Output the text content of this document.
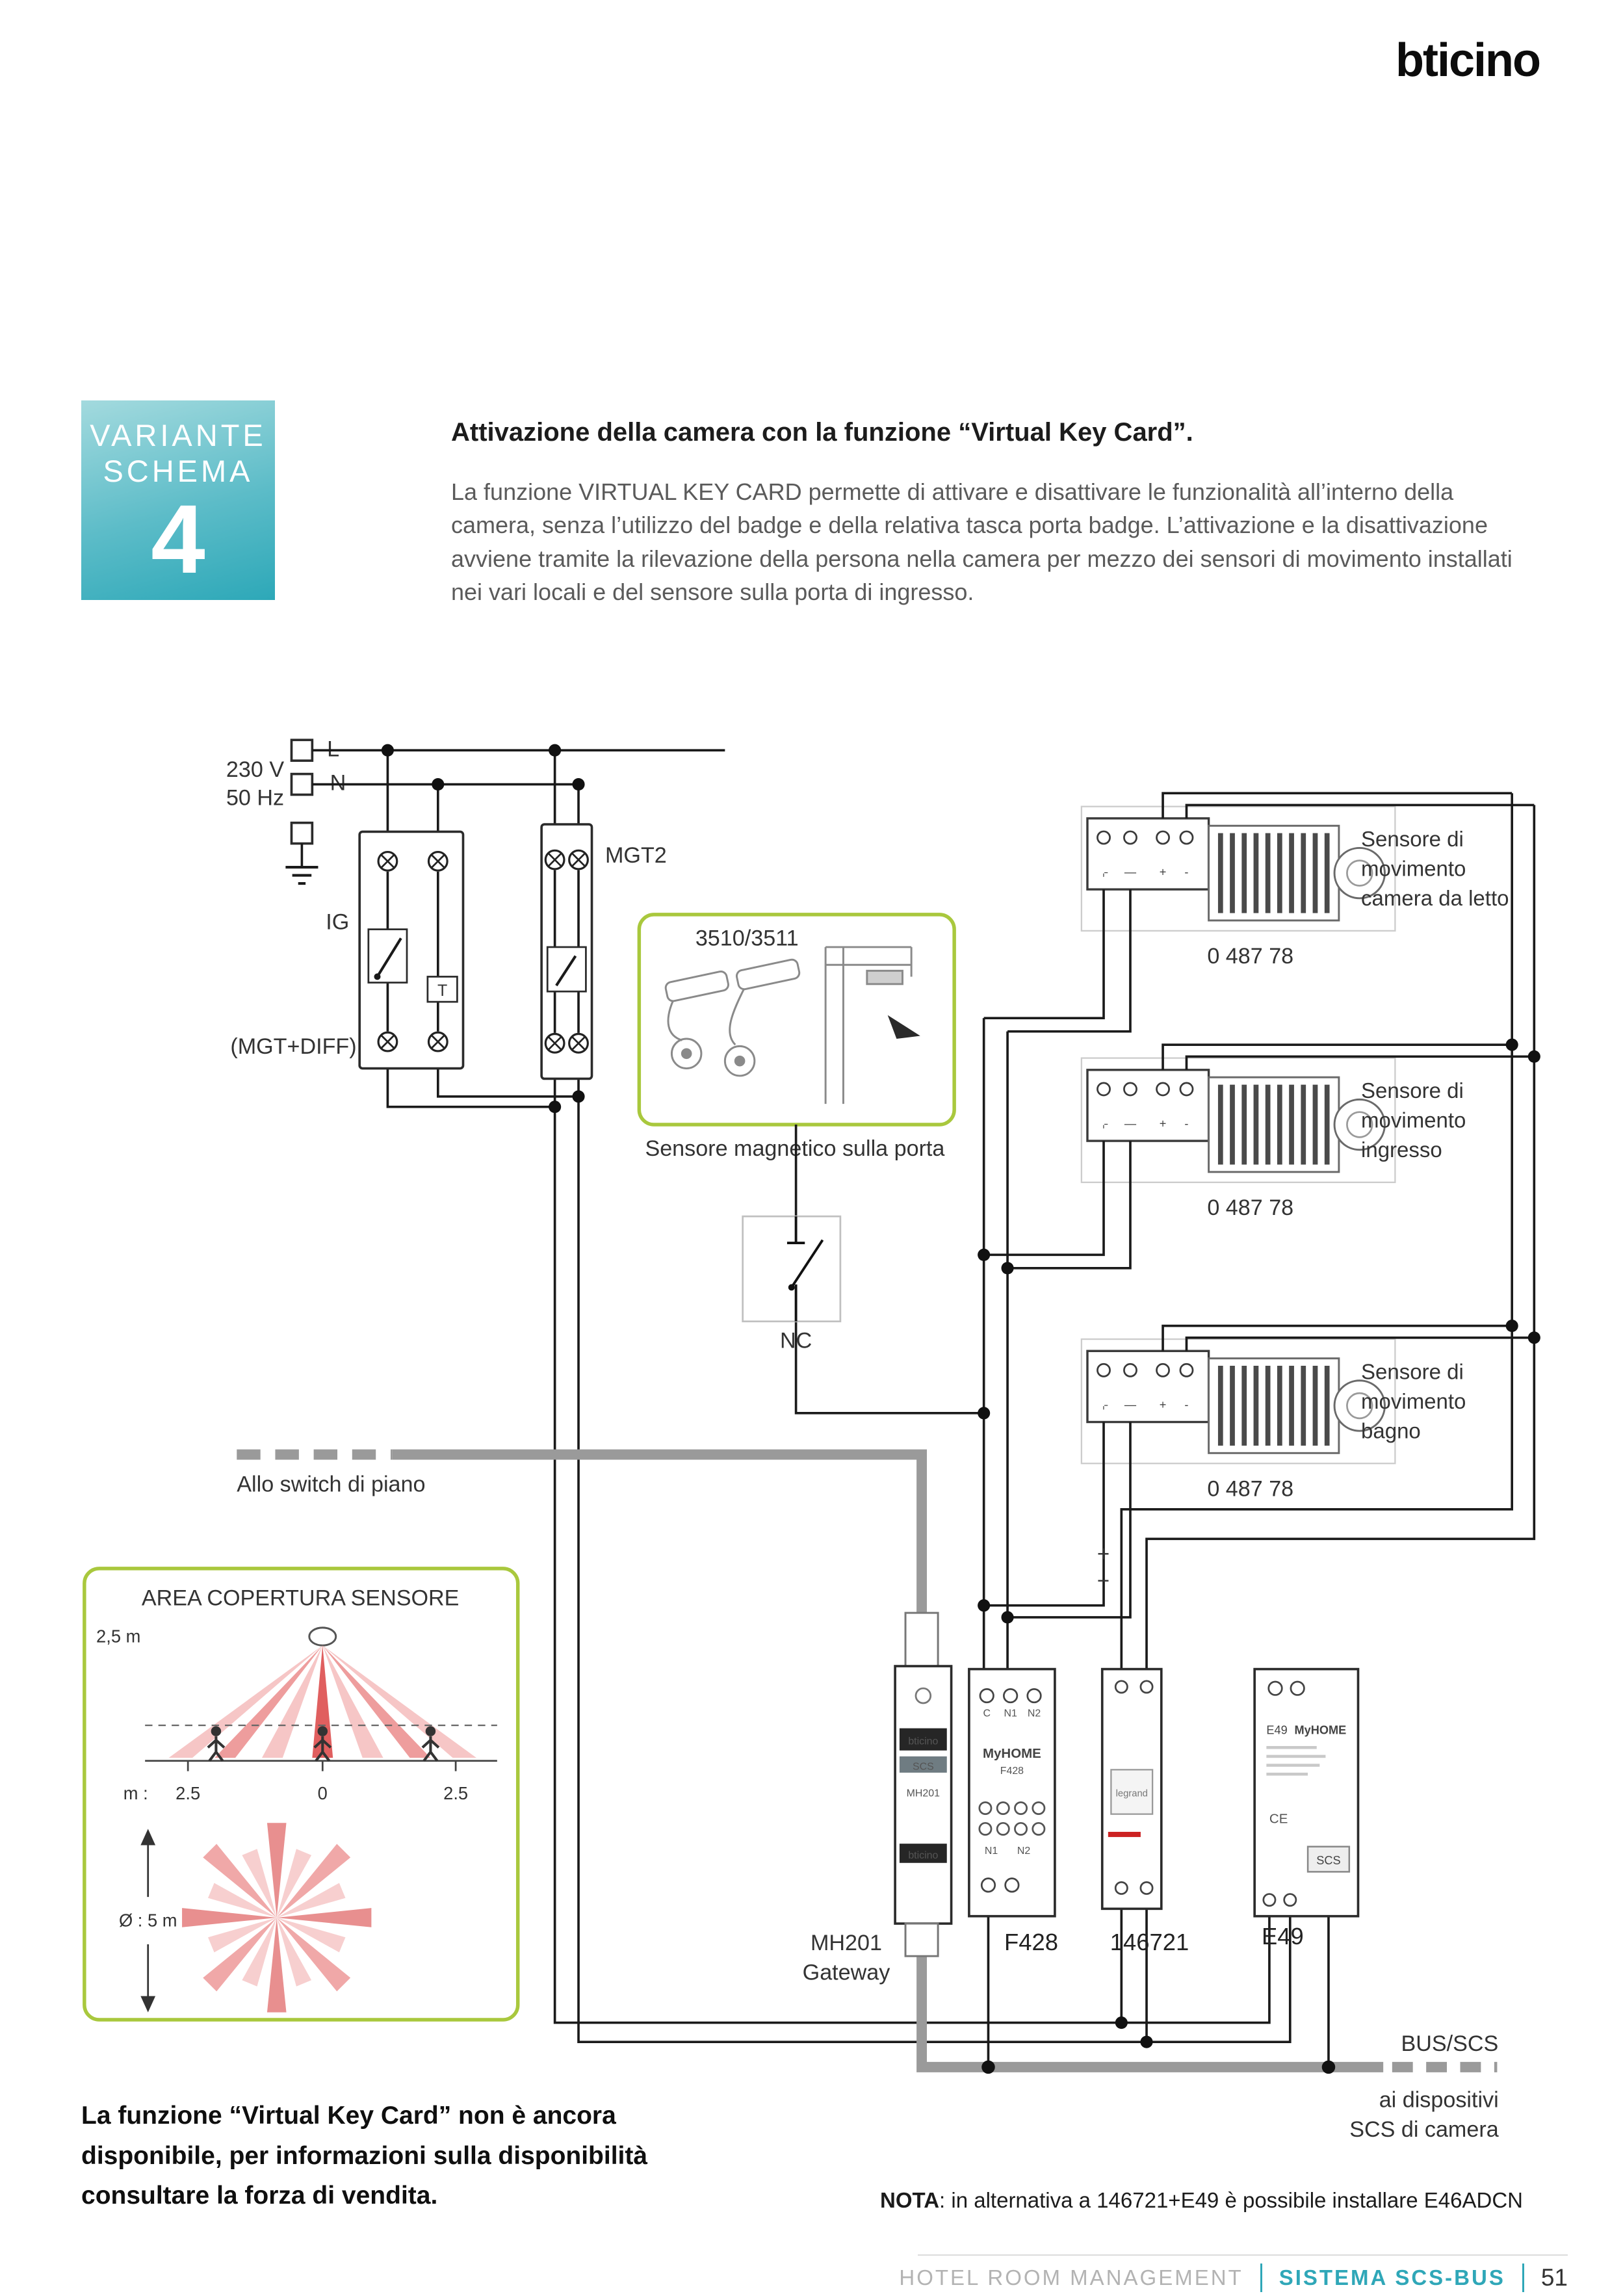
bticino
VARIANTE
SCHEMA
4
Attivazione della camera con la funzione “Virtual Key Card”.
La funzione VIRTUAL KEY CARD permette di attivare e disattivare le funzionalità all’interno della camera, senza l’utilizzo del badge e della relativa tasca porta badge. L’attivazione e la disattivazione avviene tramite la rilevazione della persona nella camera per mezzo dei sensori di movimento installati nei vari locali e del sensore sulla porta di ingresso.
⌌	—	+	-
230 V
50 Hz
L
N
T
IG
(MGT+DIFF)
MGT2
3510/3511
Sensore magnetico sulla porta
NC
0 487 78
Sensore di
movimento
camera da letto
0 487 78
Sensore di
movimento
ingresso
0 487 78
Sensore di
movimento
bagno
+
−
Allo switch di piano
BUS/SCS
ai dispositivi
SCS di camera
AREA COPERTURA SENSORE
2,5 m
m :	2.5	0	2.5
Ø : 5 m
bticino
SCS
MH201
bticino
MH201
Gateway
C	N1 N2
MyHOME
F428
N1	N2
F428
legrand
146721
E49 MyHOME
CE
SCS
E49
La funzione “Virtual Key Card” non è ancora
disponibile, per informazioni sulla disponibilità
consultare la forza di vendita.	NOTA: in alternativa a 146721+E49 è possibile installare E46ADCN
HOTEL ROOM MANAGEMENT SISTEMA SCS-BUS 51
